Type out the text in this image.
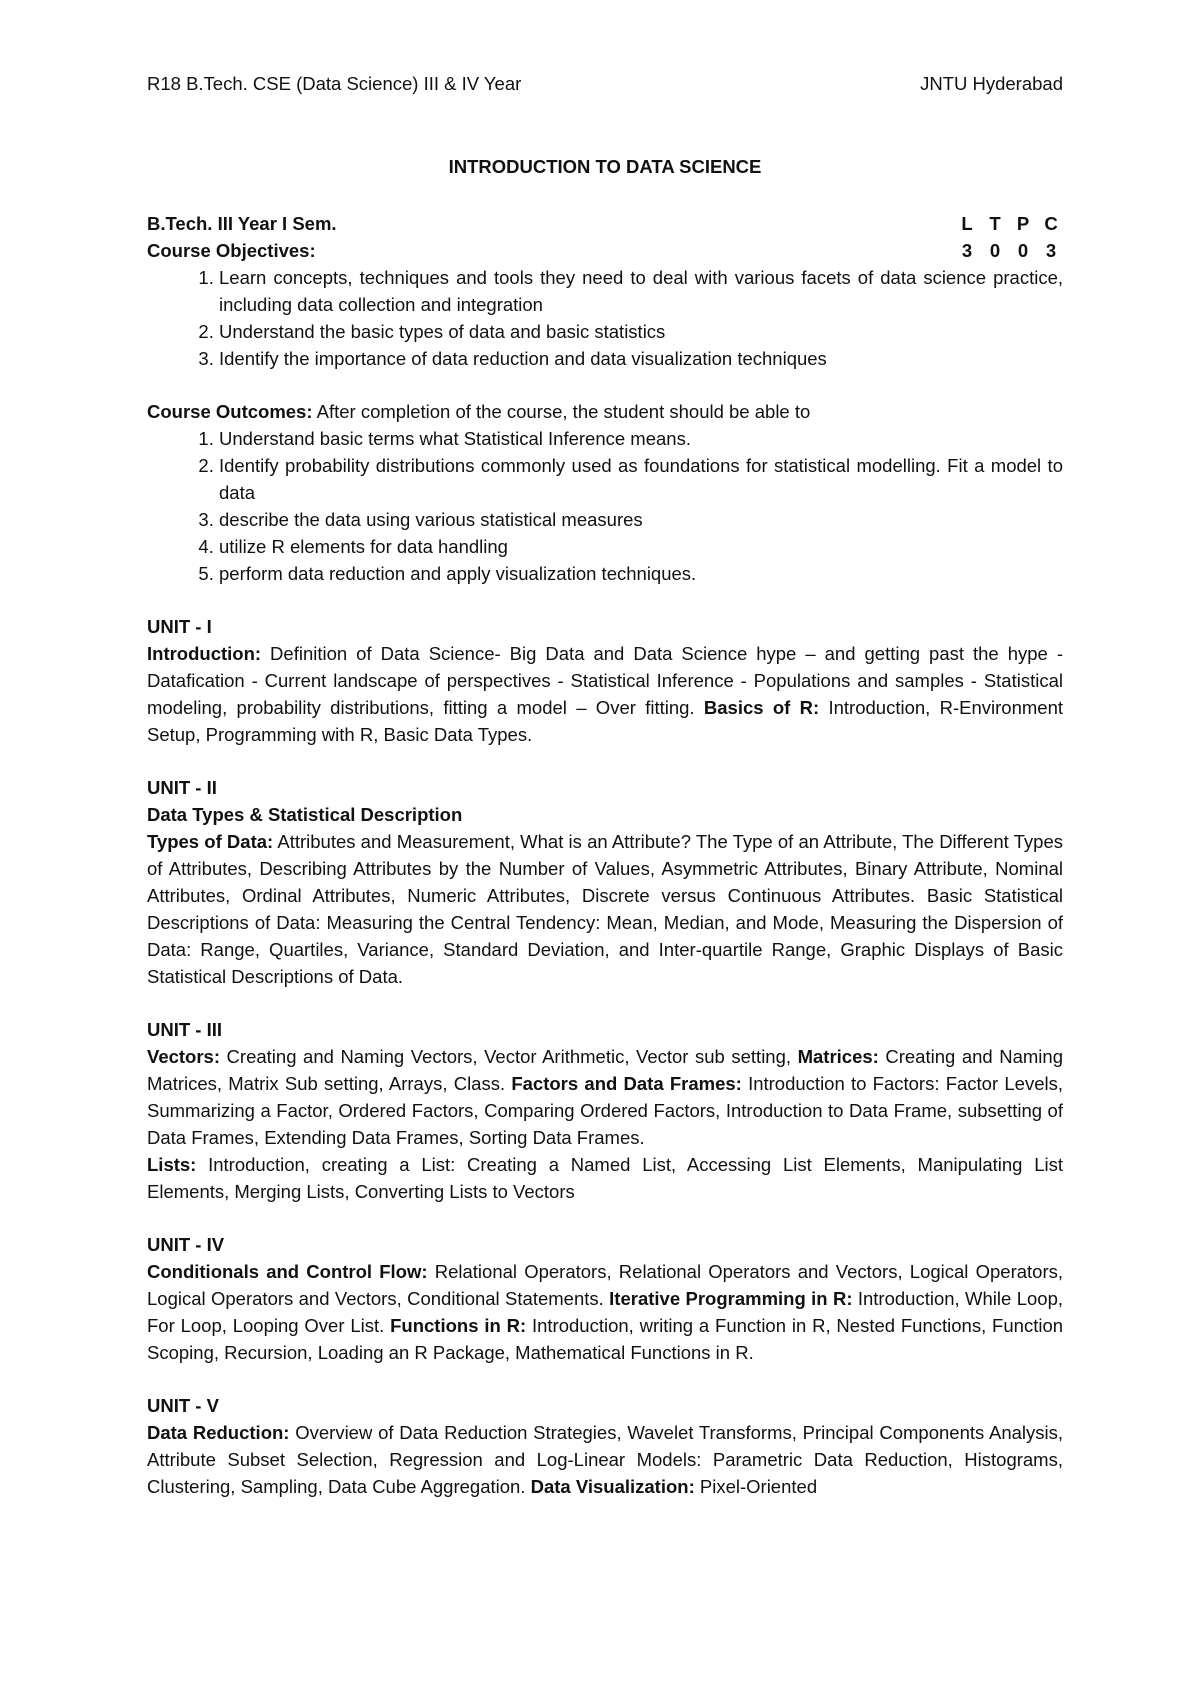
R18 B.Tech. CSE (Data Science) III & IV Year	JNTU Hyderabad
INTRODUCTION TO DATA SCIENCE
B.Tech. III Year I Sem.	L T P C
3 0 0 3
Course Objectives:
1. Learn concepts, techniques and tools they need to deal with various facets of data science practice, including data collection and integration
2. Understand the basic types of data and basic statistics
3. Identify the importance of data reduction and data visualization techniques
Course Outcomes: After completion of the course, the student should be able to
1. Understand basic terms what Statistical Inference means.
2. Identify probability distributions commonly used as foundations for statistical modelling. Fit a model to data
3. describe the data using various statistical measures
4. utilize R elements for data handling
5. perform data reduction and apply visualization techniques.
UNIT - I

Introduction: Definition of Data Science- Big Data and Data Science hype – and getting past the hype - Datafication - Current landscape of perspectives - Statistical Inference - Populations and samples - Statistical modeling, probability distributions, fitting a model – Over fitting. Basics of R: Introduction, R-Environment Setup, Programming with R, Basic Data Types.

UNIT - II
Data Types & Statistical Description

Types of Data: Attributes and Measurement, What is an Attribute? The Type of an Attribute, The Different Types of Attributes, Describing Attributes by the Number of Values, Asymmetric Attributes, Binary Attribute, Nominal Attributes, Ordinal Attributes, Numeric Attributes, Discrete versus Continuous Attributes. Basic Statistical Descriptions of Data: Measuring the Central Tendency: Mean, Median, and Mode, Measuring the Dispersion of Data: Range, Quartiles, Variance, Standard Deviation, and Inter-quartile Range, Graphic Displays of Basic Statistical Descriptions of Data.

UNIT - III

Vectors: Creating and Naming Vectors, Vector Arithmetic, Vector sub setting, Matrices: Creating and Naming Matrices, Matrix Sub setting, Arrays, Class. Factors and Data Frames: Introduction to Factors: Factor Levels, Summarizing a Factor, Ordered Factors, Comparing Ordered Factors, Introduction to Data Frame, subsetting of Data Frames, Extending Data Frames, Sorting Data Frames.

Lists: Introduction, creating a List: Creating a Named List, Accessing List Elements, Manipulating List Elements, Merging Lists, Converting Lists to Vectors

UNIT - IV

Conditionals and Control Flow: Relational Operators, Relational Operators and Vectors, Logical Operators, Logical Operators and Vectors, Conditional Statements. Iterative Programming in R: Introduction, While Loop, For Loop, Looping Over List. Functions in R: Introduction, writing a Function in R, Nested Functions, Function Scoping, Recursion, Loading an R Package, Mathematical Functions in R.

UNIT - V

Data Reduction: Overview of Data Reduction Strategies, Wavelet Transforms, Principal Components Analysis, Attribute Subset Selection, Regression and Log-Linear Models: Parametric Data Reduction, Histograms, Clustering, Sampling, Data Cube Aggregation. Data Visualization: Pixel-Oriented
